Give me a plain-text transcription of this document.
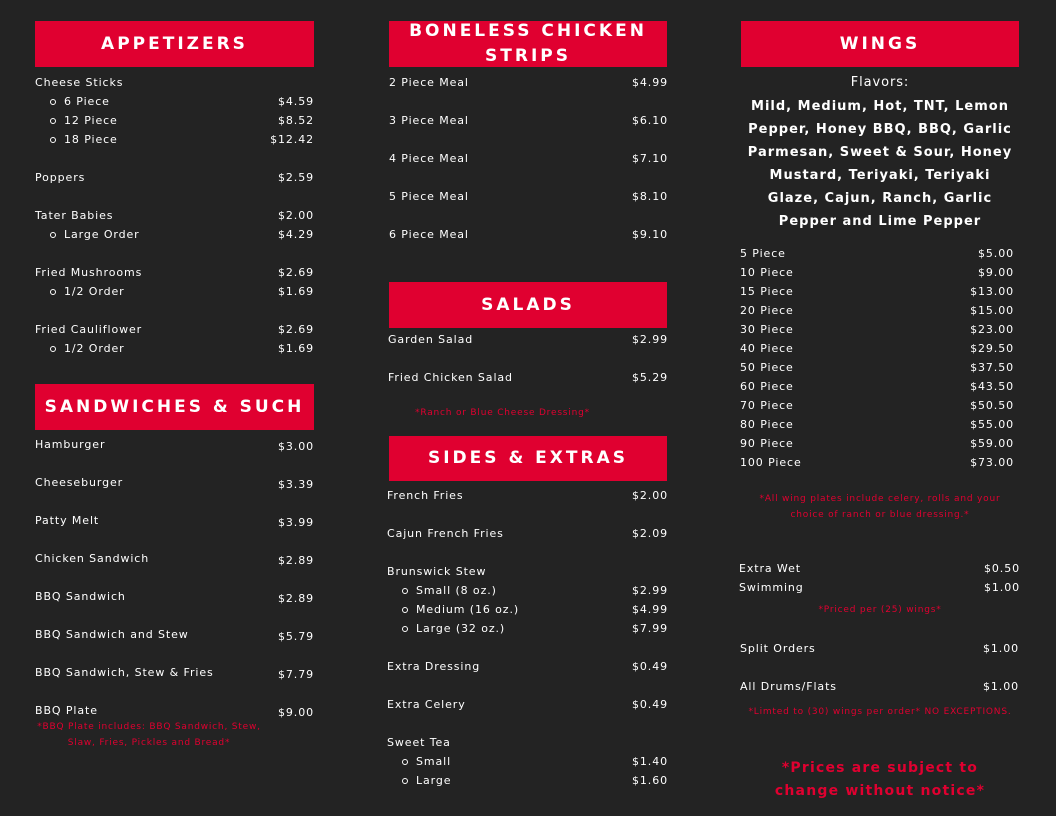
APPETIZERS
Cheese Sticks
6 Piece	$4.59
12 Piece	$8.52
18 Piece	$12.42
Poppers	$2.59
Tater Babies	$2.00
Large Order	$4.29
Fried Mushrooms	$2.69
1/2 Order	$1.69
Fried Cauliflower	$2.69
1/2 Order	$1.69
SANDWICHES & SUCH
Hamburger	$3.00
Cheeseburger	$3.39
Patty Melt	$3.99
Chicken Sandwich	$2.89
BBQ Sandwich	$2.89
BBQ Sandwich and Stew	$5.79
BBQ Sandwich, Stew & Fries	$7.79
BBQ Plate	$9.00
*BBQ Plate includes: BBQ Sandwich, Stew, Slaw, Fries, Pickles and Bread*
BONELESS CHICKEN STRIPS
2 Piece Meal	$4.99
3 Piece Meal	$6.10
4 Piece Meal	$7.10
5 Piece Meal	$8.10
6 Piece Meal	$9.10
SALADS
Garden Salad	$2.99
Fried Chicken Salad	$5.29
*Ranch or Blue Cheese Dressing*
SIDES & EXTRAS
French Fries	$2.00
Cajun French Fries	$2.09
Brunswick Stew
Small (8 oz.)	$2.99
Medium (16 oz.)	$4.99
Large (32 oz.)	$7.99
Extra Dressing	$0.49
Extra Celery	$0.49
Sweet Tea
Small	$1.40
Large	$1.60
WINGS
Flavors:
Mild, Medium, Hot, TNT, Lemon Pepper, Honey BBQ, BBQ, Garlic Parmesan, Sweet & Sour, Honey Mustard, Teriyaki, Teriyaki Glaze, Cajun, Ranch, Garlic Pepper and Lime Pepper
5 Piece	$5.00
10 Piece	$9.00
15 Piece	$13.00
20 Piece	$15.00
30 Piece	$23.00
40 Piece	$29.50
50 Piece	$37.50
60 Piece	$43.50
70 Piece	$50.50
80 Piece	$55.00
90 Piece	$59.00
100 Piece	$73.00
*All wing plates include celery, rolls and your choice of ranch or blue dressing.*
Extra Wet	$0.50
Swimming	$1.00
*Priced per (25) wings*
Split Orders	$1.00
All Drums/Flats	$1.00
*Limted to (30) wings per order* NO EXCEPTIONS.
*Prices are subject to change without notice*
